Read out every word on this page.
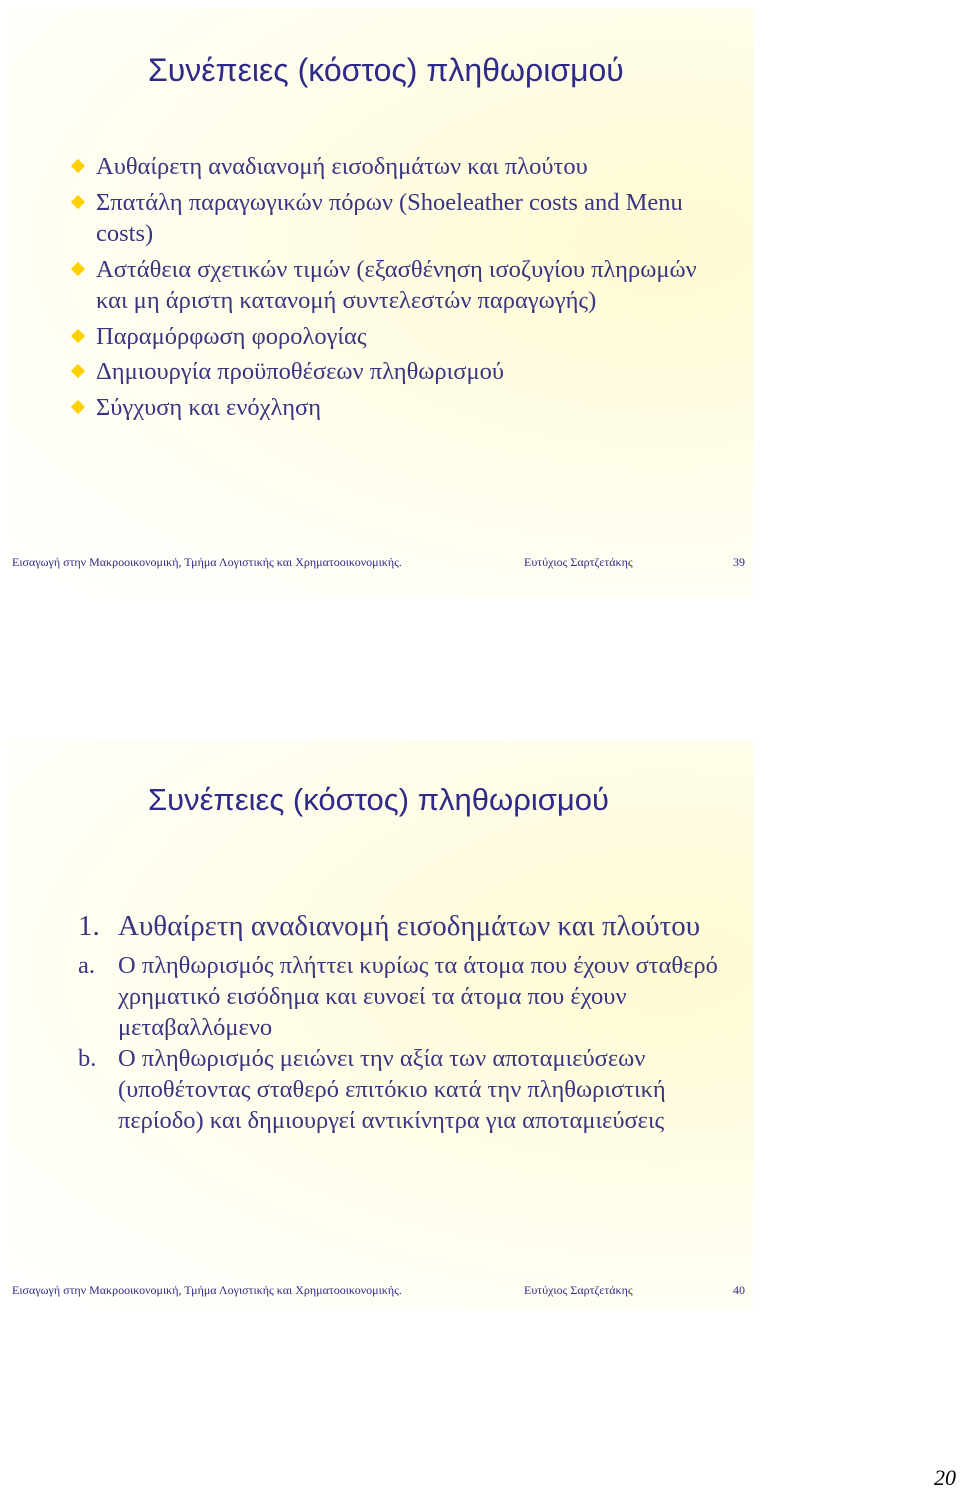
Συνέπειες (κόστος) πληθωρισμού
Αυθαίρετη αναδιανομή εισοδημάτων και πλούτου
Σπατάλη παραγωγικών πόρων (Shoeleather costs and Menu costs)
Αστάθεια σχετικών τιμών (εξασθένηση ισοζυγίου πληρωμών και μη άριστη κατανομή συντελεστών παραγωγής)
Παραμόρφωση φορολογίας
Δημιουργία προϋποθέσεων πληθωρισμού
Σύγχυση και ενόχληση
Εισαγωγή στην Μακροοικονομική, Τμήμα Λογιστικής και Χρηματοοικονομικής.	Ευτύχιος Σαρτζετάκης	39
Συνέπειες (κόστος) πληθωρισμού
1. Αυθαίρετη αναδιανομή εισοδημάτων και πλούτου
a. Ο πληθωρισμός πλήττει κυρίως τα άτομα που έχουν σταθερό χρηματικό εισόδημα και ευνοεί τα άτομα που έχουν μεταβαλλόμενο
b. Ο πληθωρισμός μειώνει την αξία των αποταμιεύσεων (υποθέτοντας σταθερό επιτόκιο κατά την πληθωριστική περίοδο) και δημιουργεί αντικίνητρα για αποταμιεύσεις
Εισαγωγή στην Μακροοικονομική, Τμήμα Λογιστικής και Χρηματοοικονομικής.	Ευτύχιος Σαρτζετάκης	40
20
